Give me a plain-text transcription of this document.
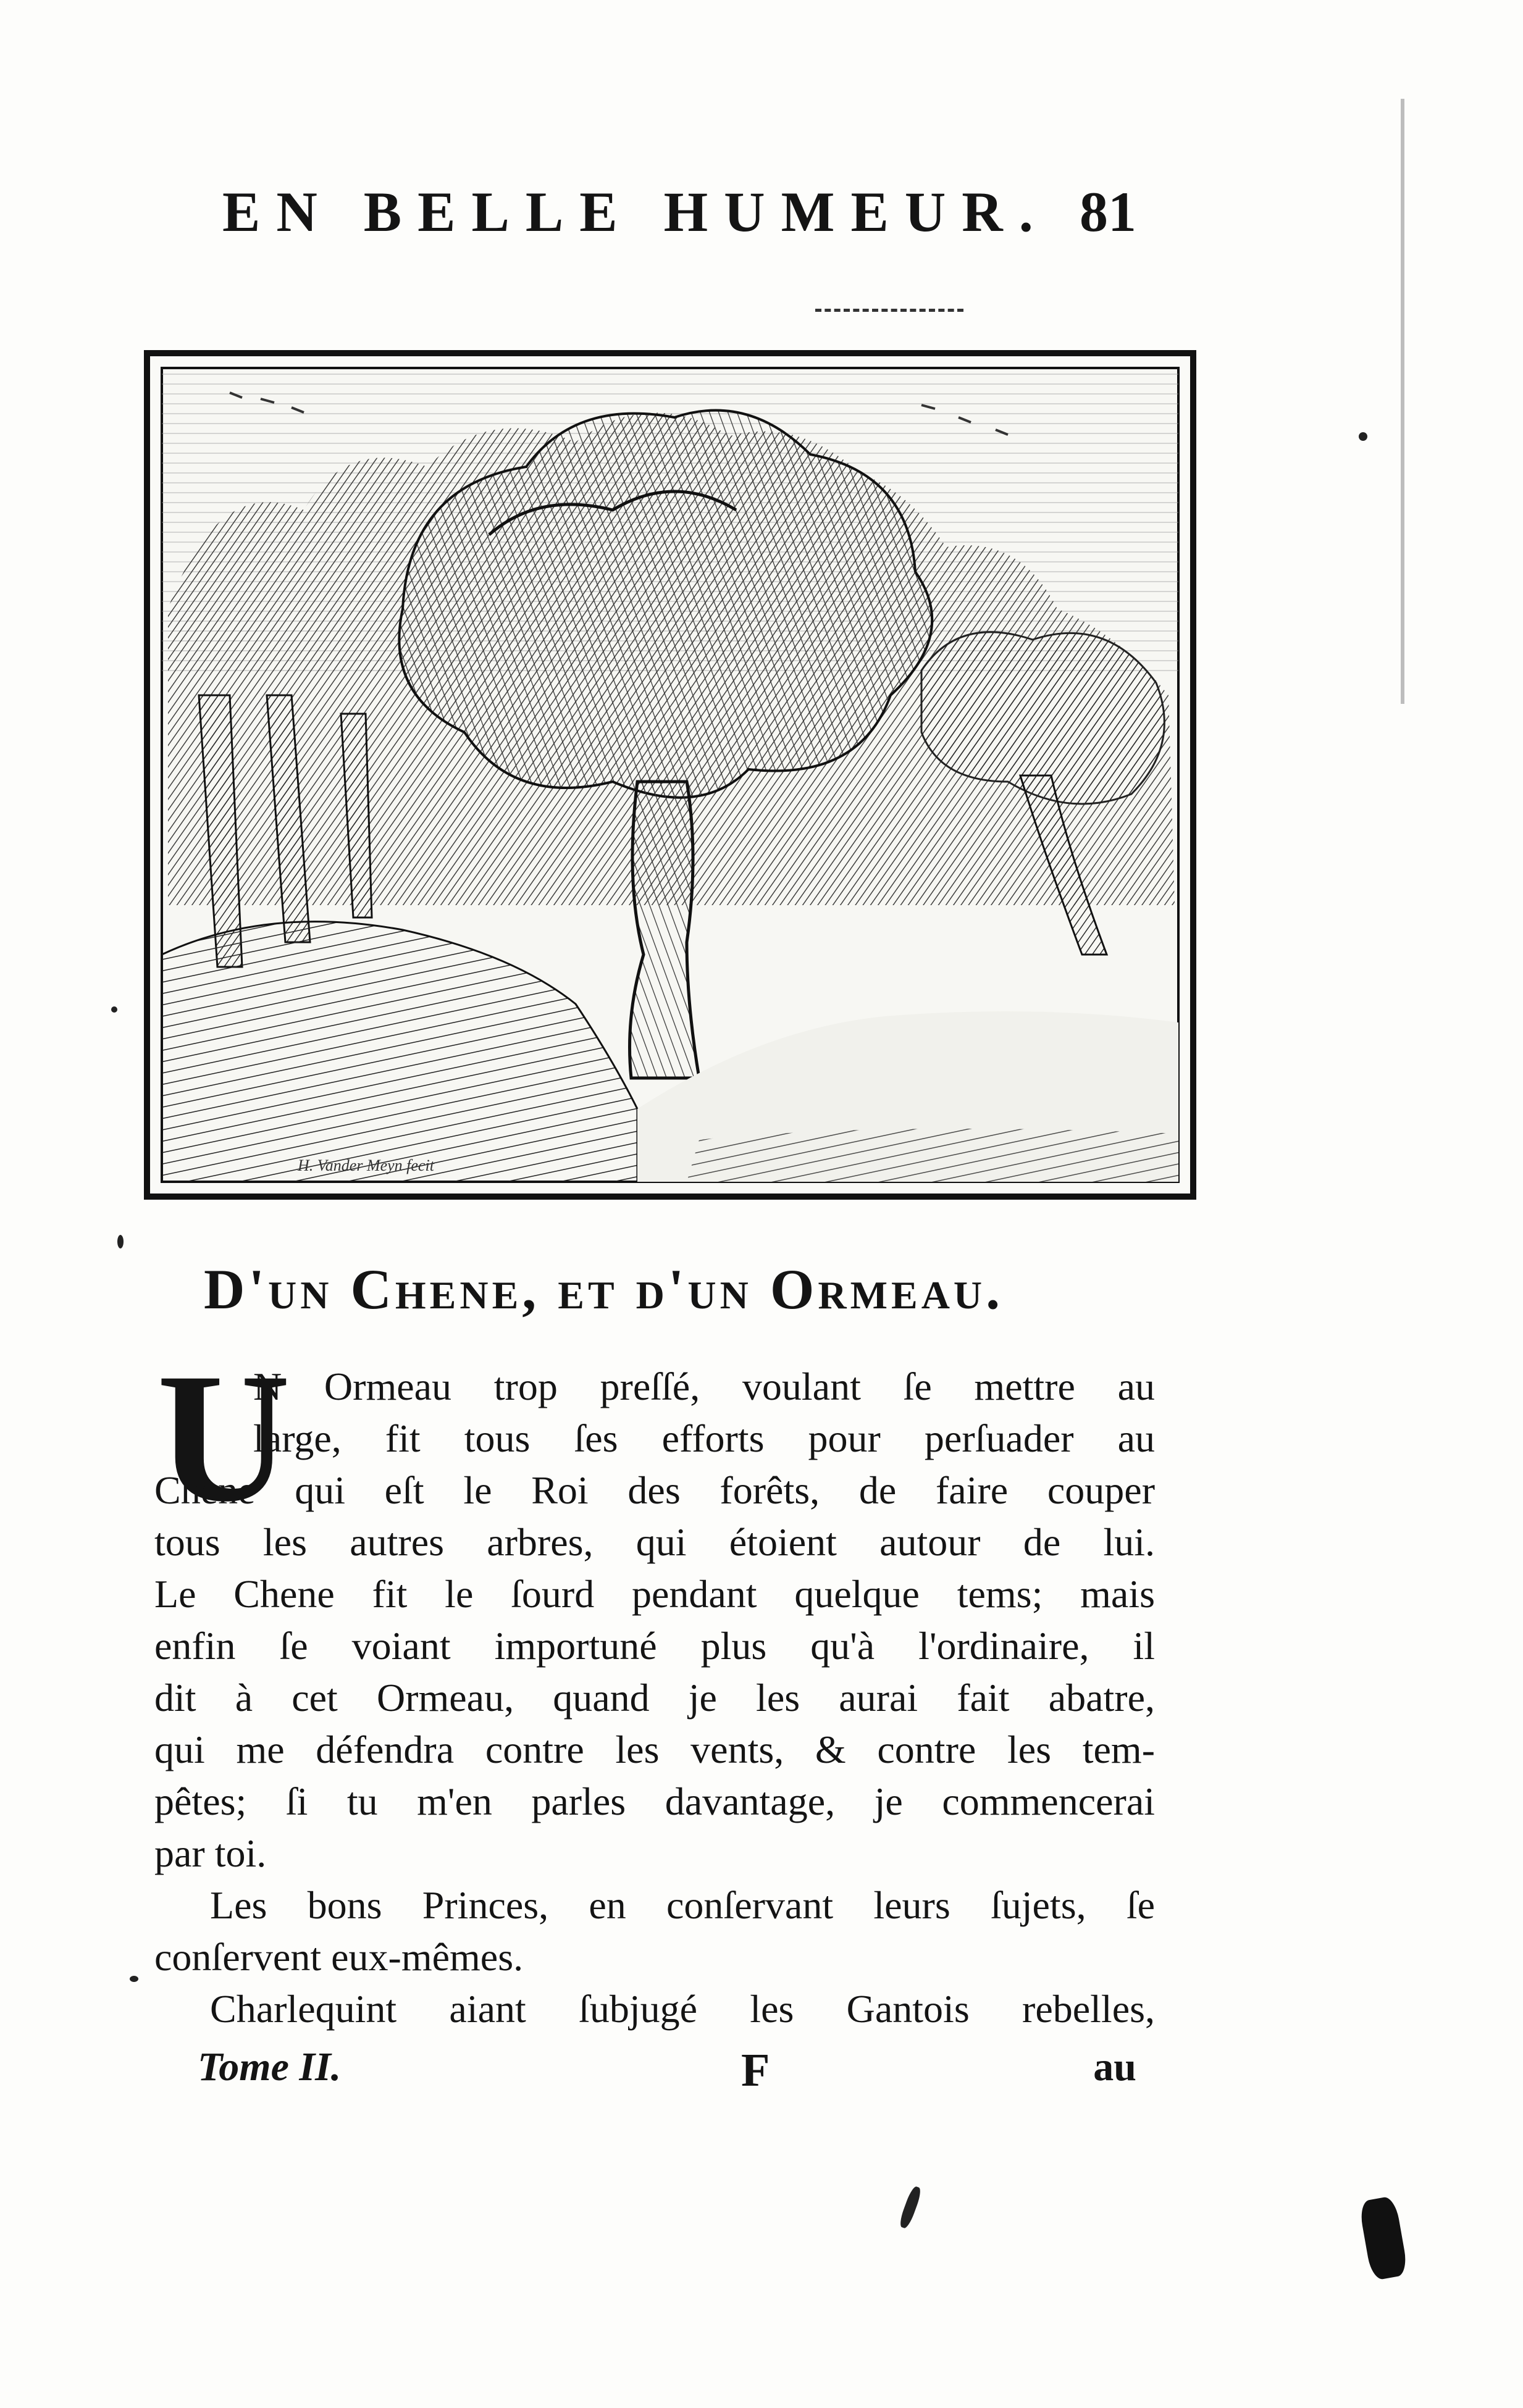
EN BELLE HUMEUR. 81
H. Vander Meyn fecit
D'un Chene, et d'un Ormeau.
U
N Ormeau trop preſſé, voulant ſe mettre au
large, fit tous ſes efforts pour perſuader au
Chene qui eſt le Roi des forêts, de faire couper
tous les autres arbres, qui étoient autour de lui.
Le Chene fit le ſourd pendant quelque tems; mais
enfin ſe voiant importuné plus qu'à l'ordinaire, il
dit à cet Ormeau, quand je les aurai fait abatre,
qui me défendra contre les vents, & contre les tem-
pêtes; ſi tu m'en parles davantage, je commencerai
par toi.
Les bons Princes, en conſervant leurs ſujets, ſe
conſervent eux-mêmes.
Charlequint aiant ſubjugé les Gantois rebelles,
Tome II.	F	au
